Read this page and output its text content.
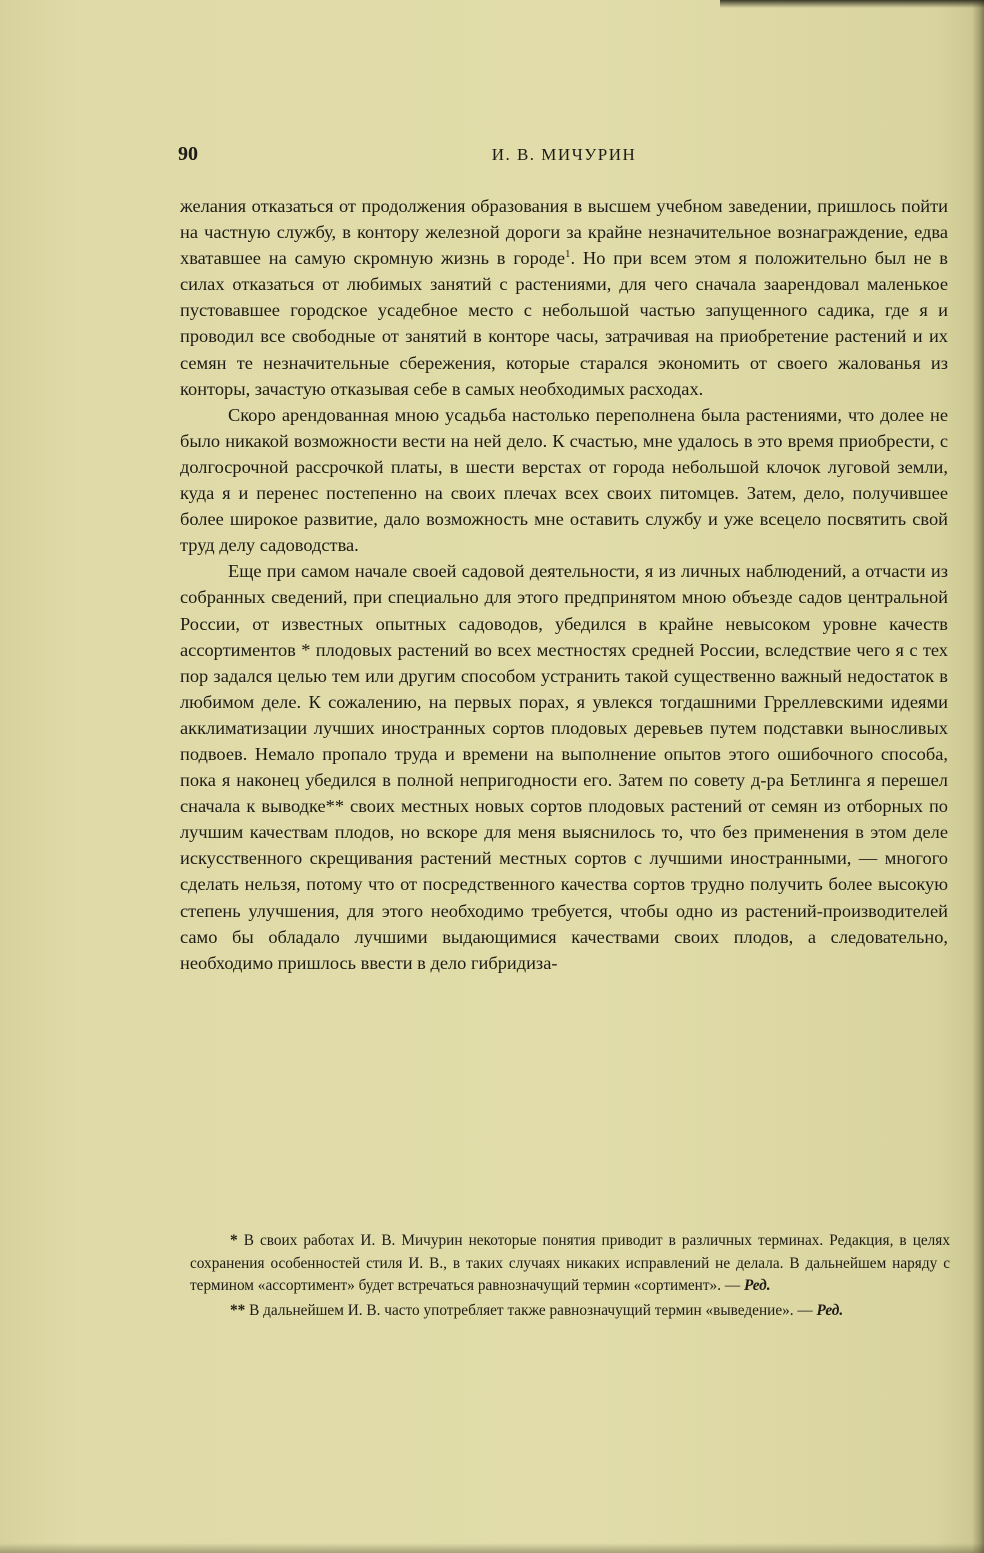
90	И. В. МИЧУРИН

желания отказаться от продолжения образования в высшем учебном заведении, пришлось пойти на частную службу, в контору железной дороги за крайне незначительное вознаграждение, едва хватавшее на самую скромную жизнь в городе$^1$. Но при всем этом я положительно был не в силах отказаться от любимых занятий с растениями, для чего сначала заарендовал маленькое пустовавшее городское усадебное место с небольшой частью запущенного садика, где я и проводил все свободные от занятий в конторе часы, затрачивая на приобретение растений и их семян те незначительные сбережения, которые старался экономить от своего жалованья из конторы, зачастую отказывая себе в самых необходимых расходах.

Скоро арендованная мною усадьба настолько переполнена была растениями, что долее не было никакой возможности вести на ней дело. К счастью, мне удалось в это время приобрести, с долгосрочной рассрочкой платы, в шести верстах от города небольшой клочок луговой земли, куда я и перенес постепенно на своих плечах всех своих питомцев. Затем, дело, получившее более широкое развитие, дало возможность мне оставить службу и уже всецело посвятить свой труд делу садоводства.

Еще при самом начале своей садовой деятельности, я из личных наблюдений, а отчасти из собранных сведений, при специально для этого предпринятом мною объезде садов центральной России, от известных опытных садоводов, убедился в крайне невысоком уровне качеств ассортиментов * плодовых растений во всех местностях средней России, вследствие чего я с тех пор задался целью тем или другим способом устранить такой существенно важный недостаток в любимом деле. К сожалению, на первых порах, я увлекся тогдашними Грреллевскими идеями акклиматизации лучших иностранных сортов плодовых деревьев путем подставки выносливых подвоев. Немало пропало труда и времени на выполнение опытов этого ошибочного способа, пока я наконец убедился в полной непригодности его. Затем по совету д-ра Бетлинга я перешел сначала к выводке** своих местных новых сортов плодовых растений от семян из отборных по лучшим качествам плодов, но вскоре для меня выяснилось то, что без применения в этом деле искусственного скрещивания растений местных сортов с лучшими иностранными, — многого сделать нельзя, потому что от посредственного качества сортов трудно получить более высокую степень улучшения, для этого необходимо требуется, чтобы одно из растений-производителей само бы обладало лучшими выдающимися качествами своих плодов, а следовательно, необходимо пришлось ввести в дело гибридиза-

* В своих работах И. В. Мичурин некоторые понятия приводит в различных терминах. Редакция, в целях сохранения особенностей стиля И. В., в таких случаях никаких исправлений не делала. В дальнейшем наряду с термином «ассортимент» будет встречаться равнозначущий термин «сортимент». — Ред.

** В дальнейшем И. В. часто употребляет также равнозначущий термин «выведение». — Ред.
